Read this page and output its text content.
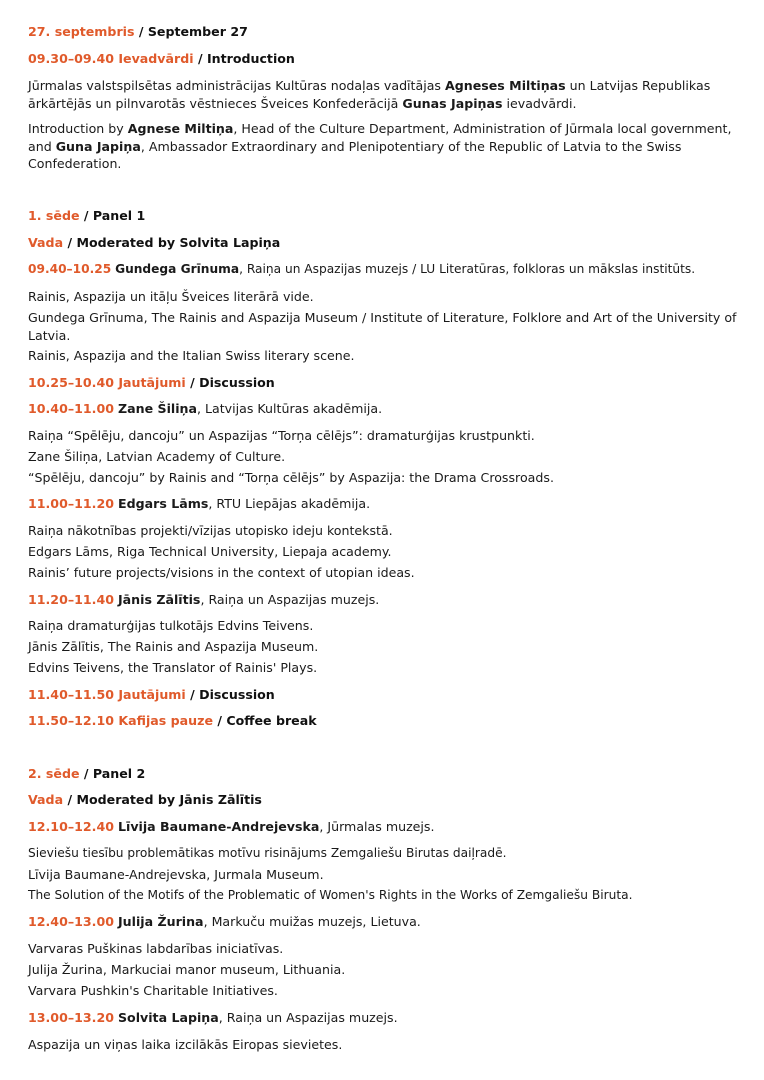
27. septembris / September 27

09.30–09.40 Ievadvārdi / Introduction

Jūrmalas valstspilsētas administrācijas Kultūras nodaļas vadītājas Agneses Miltiņas un Latvijas Republikas ārkārtējās un pilnvarotās vēstnieces Šveices Konfederācijā Gunas Japiņas ievadvārdi.

Introduction by Agnese Miltiņa, Head of the Culture Department, Administration of Jūrmala local government, and Guna Japiņa, Ambassador Extraordinary and Plenipotentiary of the Republic of Latvia to the Swiss Confederation.

1. sēde / Panel 1

Vada / Moderated by Solvita Lapiņa

09.40–10.25 Gundega Grīnuma, Raiņa un Aspazijas muzejs / LU Literatūras, folkloras un mākslas institūts.

Rainis, Aspazija un itāļu Šveices literārā vide.

Gundega Grīnuma, The Rainis and Aspazija Museum / Institute of Literature, Folklore and Art of the University of Latvia.

Rainis, Aspazija and the Italian Swiss literary scene.

10.25–10.40 Jautājumi / Discussion

10.40–11.00 Zane Šiliņa, Latvijas Kultūras akadēmija.

Raiņa “Spēlēju, dancoju” un Aspazijas “Torņa cēlējs”: dramaturģijas krustpunkti.

Zane Šiliņa, Latvian Academy of Culture.

“Spēlēju, dancoju” by Rainis and “Torņa cēlējs” by Aspazija: the Drama Crossroads.

11.00–11.20 Edgars Lāms, RTU Liepājas akadēmija.

Raiņa nākotnības projekti/vīzijas utopisko ideju kontekstā.

Edgars Lāms, Riga Technical University, Liepaja academy.

Rainis’ future projects/visions in the context of utopian ideas.

11.20–11.40 Jānis Zālītis, Raiņa un Aspazijas muzejs.

Raiņa dramaturģijas tulkotājs Edvins Teivens.

Jānis Zālītis, The Rainis and Aspazija Museum.

Edvins Teivens, the Translator of Rainis' Plays.

11.40–11.50 Jautājumi / Discussion

11.50–12.10 Kafijas pauze / Coffee break

2. sēde / Panel 2

Vada / Moderated by Jānis Zālītis

12.10–12.40 Līvija Baumane-Andrejevska, Jūrmalas muzejs.

Sieviešu tiesību problemātikas motīvu risinājums Zemgaliešu Birutas daiļradē.

Līvija Baumane-Andrejevska, Jurmala Museum.

The Solution of the Motifs of the Problematic of Women's Rights in the Works of Zemgaliešu Biruta.

12.40–13.00 Julija Žurina, Markuču muižas muzejs, Lietuva.

Varvaras Puškinas labdarības iniciatīvas.

Julija Žurina, Markuciai manor museum, Lithuania.

Varvara Pushkin's Charitable Initiatives.

13.00–13.20 Solvita Lapiņa, Raiņa un Aspazijas muzejs.

Aspazija un viņas laika izcilākās Eiropas sievietes.
